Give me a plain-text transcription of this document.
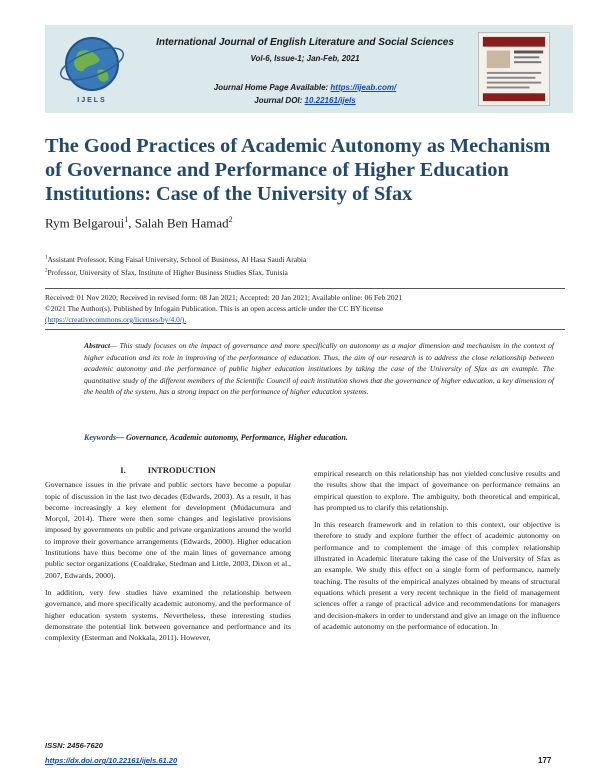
IJELS
International Journal of English Literature and Social Sciences
Vol-6, Issue-1; Jan-Feb, 2021
Journal Home Page Available: https://ijeab.com/
Journal DOI: 10.22161/ijels
The Good Practices of Academic Autonomy as Mechanism of Governance and Performance of Higher Education Institutions: Case of the University of Sfax
Rym Belgaroui$^1$, Salah Ben Hamad$^2$
$^1$Assistant Professor, King Faisal University, School of Business, Al Hasa Saudi Arabia
$^2$Professor, University of Sfax, Institute of Higher Business Studies Sfax, Tunisia
Received: 01 Nov 2020; Received in revised form: 08 Jan 2021; Accepted: 20 Jan 2021; Available online: 06 Feb 2021
©2021 The Author(s). Published by Infogain Publication. This is an open access article under the CC BY license
(https://creativecommons.org/licenses/by/4.0/).
Abstract— This study focuses on the impact of governance and more specifically on autonomy as a major dimension and mechanism in the context of higher education and its role in improving of the performance of education. Thus, the aim of our research is to address the close relationship between academic autonomy and the performance of public higher education institutions by taking the case of the University of Sfax as an example. The quantitative study of the different members of the Scientific Council of each institution shows that the governance of higher education, a key dimension of the health of the system, has a strong impact on the performance of higher education systems.
Keywords— Governance, Academic autonomy, Performance, Higher education.
I.	INTRODUCTION

Governance issues in the private and public sectors have become a popular topic of discussion in the last two decades (Edwards, 2003). As a result, it has become increasingly a key element for development (Mudacumura and Morçol, 2014). There were then some changes and legislative provisions imposed by governments on public and private organizations around the world to improve their governance arrangements (Edwards, 2000). Higher education Institutions have thus become one of the main lines of governance among public sector organizations (Coaldrake, Stedman and Little, 2003, Dixon et al., 2007, Edwards, 2000).

In addition, very few studies have examined the relationship between governance, and more specifically academic autonomy, and the performance of higher education system systems. Nevertheless, these interesting studies demonstrate the potential link between governance and performance and its complexity (Esterman and Nokkala, 2011). However,

empirical research on this relationship has not yielded conclusive results and the results show that the impact of governance on performance remains an empirical question to explore. The ambiguity, both theoretical and empirical, has prompted us to clarify this relationship.

In this research framework and in relation to this context, our objective is therefore to study and explore further the effect of academic autonomy on performance and to complement the image of this complex relationship illustrated in Academic literature taking the case of the University of Sfax as an example. We study this effect on a single form of performance, namely teaching. The results of the empirical analyzes obtained by means of structural equations which present a very recent technique in the field of management sciences offer a range of practical advice and recommendations for managers and decision-makers in order to understand and give an image on the influence of academic autonomy on the performance of education. In

ISSN: 2456-7620
https://dx.doi.org/10.22161/ijels.61.20	177
